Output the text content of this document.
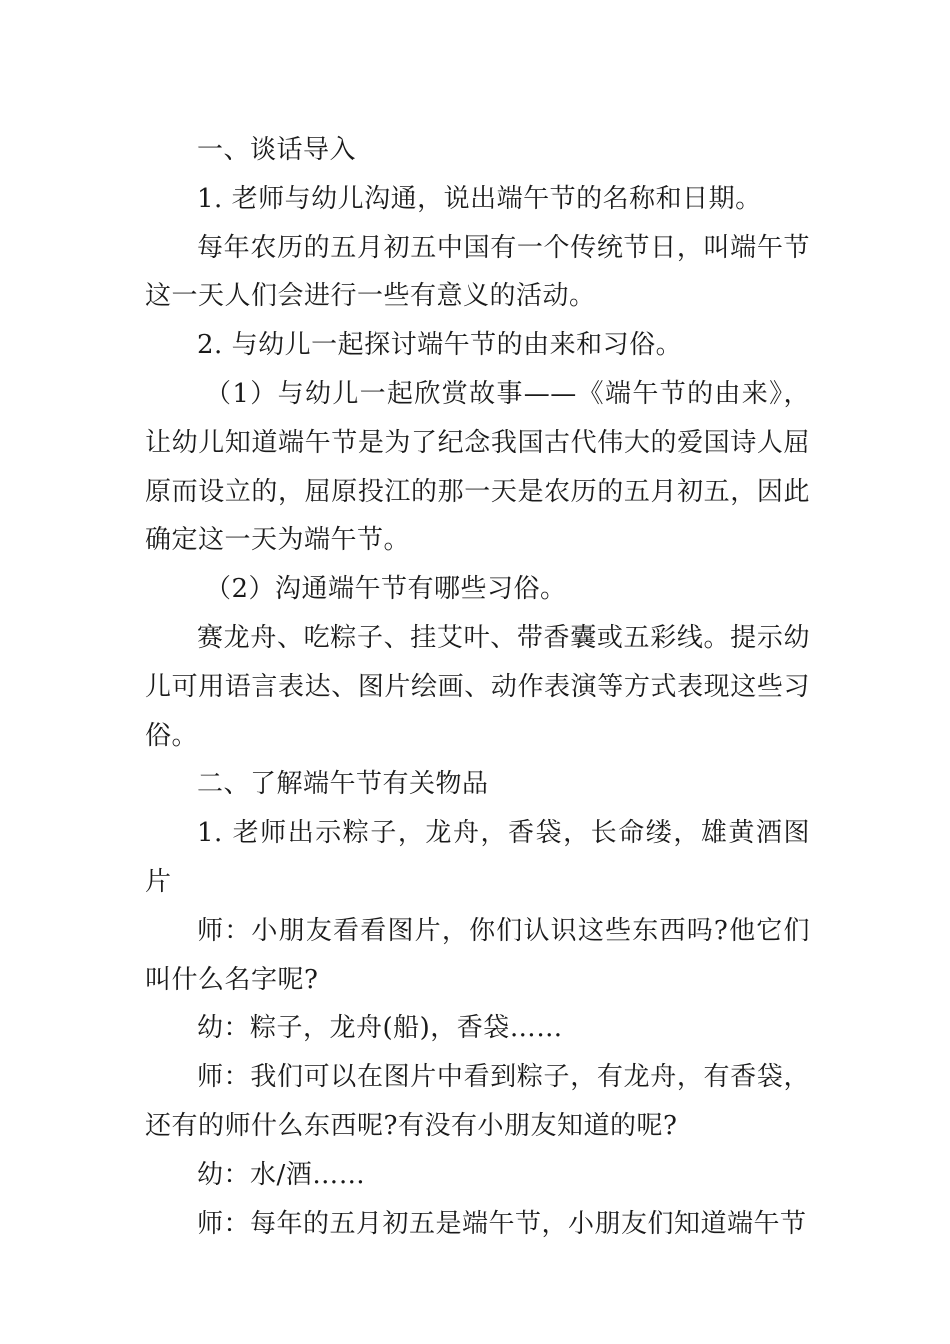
一、谈话导入

1. 老师与幼儿沟通，说出端午节的名称和日期。

每年农历的五月初五中国有一个传统节日，叫端午节这一天人们会进行一些有意义的活动。

2. 与幼儿一起探讨端午节的由来和习俗。

（1）与幼儿一起欣赏故事——《端午节的由来》，让幼儿知道端午节是为了纪念我国古代伟大的爱国诗人屈原而设立的，屈原投江的那一天是农历的五月初五，因此确定这一天为端午节。

（2）沟通端午节有哪些习俗。

赛龙舟、吃粽子、挂艾叶、带香囊或五彩线。提示幼儿可用语言表达、图片绘画、动作表演等方式表现这些习俗。

二、了解端午节有关物品

1. 老师出示粽子，龙舟，香袋，长命缕，雄黄酒图片

师：小朋友看看图片，你们认识这些东西吗?他它们叫什么名字呢?

幼：粽子，龙舟(船)，香袋……

师：我们可以在图片中看到粽子，有龙舟，有香袋，还有的师什么东西呢?有没有小朋友知道的呢?

幼：水/酒……

师：每年的五月初五是端午节，小朋友们知道端午节
